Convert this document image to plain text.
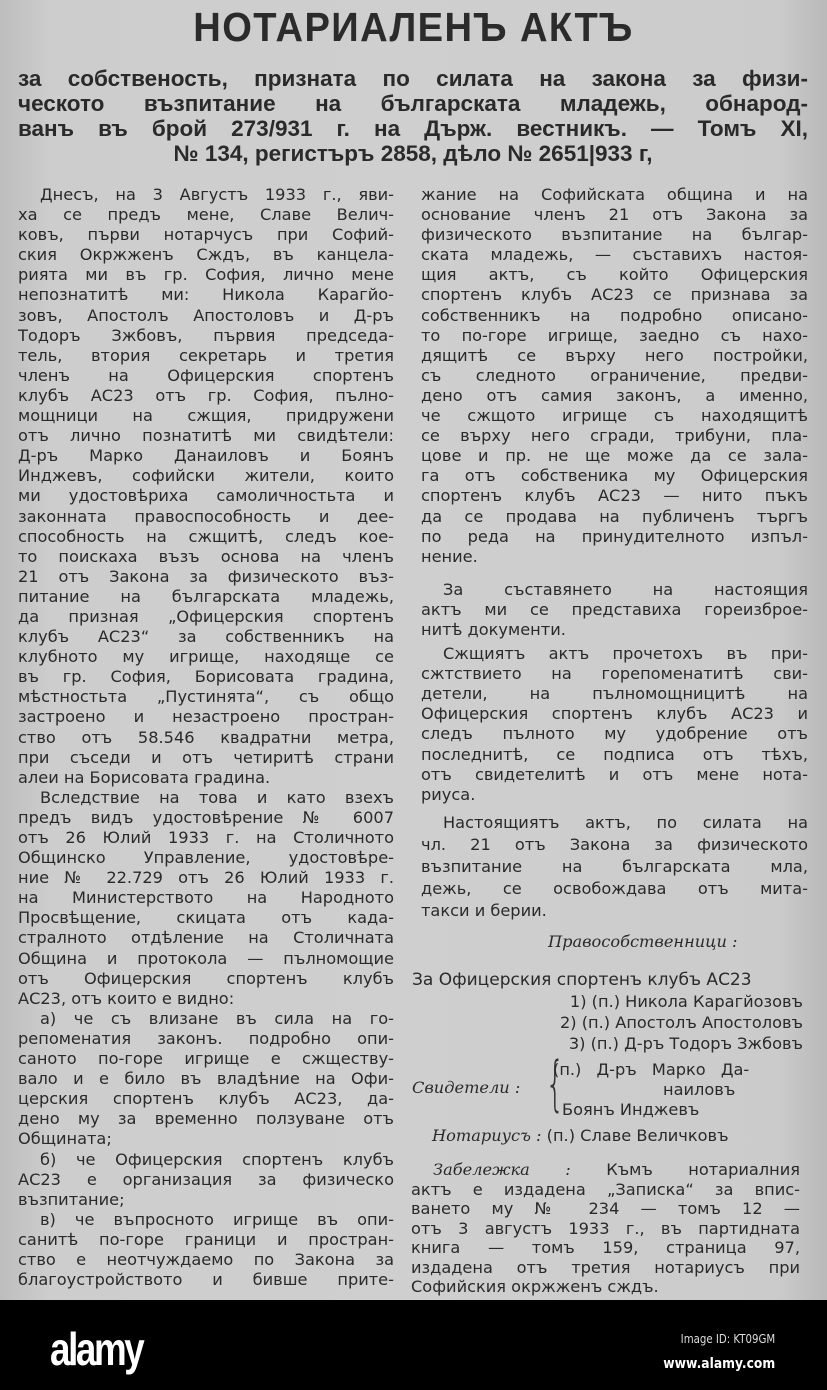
НОТАРИАЛЕНЪ АКТЪ
за собственость, призната по силата на закона за физи-
ческото възпитание на българската младежь, обнарод-
ванъ въ брой 273/931 г. на Държ. вестникъ. — Томъ XI,
№ 134, регистъръ 2858, дѣло № 2651|933 г,
Днесъ, на 3 Августъ 1933 г., яви-
ха се предъ мене, Славе Велич-
ковъ, първи нотарчусъ при Софий-
ския Окржженъ Сждъ, въ канцела-
рията ми въ гр. София, лично мене
непознатитѣ ми: Никола Карагйо-
зовъ, Апостолъ Апостоловъ и Д-ръ
Тодоръ Зжбовъ, първия председа-
тель, втория секретарь и третия
членъ на Офицерския спортенъ
клубъ АС23 отъ гр. София, пълно-
мощници на сжщия, придружени
отъ лично познатитѣ ми свидѣтели:
Д-ръ Марко Данаиловъ и Боянъ
Инджевъ, софийски жители, които
ми удостовѣриха самоличностьта и
законната правоспособность и дее-
способность на сжщитѣ, следъ кое-
то поискаха възъ основа на членъ
21 отъ Закона за физическото въз-
питание на българската младежь,
да призная „Офицерския спортенъ
клубъ АС23“ за собственникъ на
клубното му игрище, находяще се
въ гр. София, Борисовата градина,
мѣстностьта „Пустинята“, съ общо
застроено и незастроено простран-
ство отъ 58.546 квадратни метра,
при съседи и отъ четиритѣ страни
алеи на Борисовата градина.
Вследствие на това и като взехъ
предъ видъ удостовѣрение № 6007
отъ 26 Юлий 1933 г. на Столичното
Общинско Управление, удостовѣре-
ние № 22.729 отъ 26 Юлий 1933 г.
на Министерството на Народното
Просвѣщение, скицата отъ када-
стралното отдѣление на Столичната
Община и протокола — пълномощие
отъ Офицерския спортенъ клубъ
АС23, отъ които е видно:
а) че съ влизане въ сила на го-
репоменатия законъ. подробно опи-
саното по-горе игрище е сжществу-
вало и е било въ владѣние на Офи-
церския спортенъ клубъ АС23, да-
дено му за временно ползуване отъ
Общината;
б) че Офицерския спортенъ клубъ
АС23 е организация за физическо
възпитание;
в) че въпросното игрище въ опи-
санитѣ по-горе граници и простран-
ство е неотчуждаемо по Закона за
благоустройството и бивше прите-
жание на Софийската община и на
основание членъ 21 отъ Закона за
физическото възпитание на българ-
ската младежь, — съставихъ настоя-
щия актъ, съ който Офицерския
спортенъ клубъ АС23 се признава за
собственникъ на подробно описано-
то по-горе игрище, заедно съ нахо-
дящитѣ се върху него постройки,
съ следното ограничение, предви-
дено отъ самия законъ, а именно,
че сжщото игрище съ находящитѣ
се върху него сгради, трибуни, пла-
цове и пр. не ще може да се зала-
га отъ собственика му Офицерския
спортенъ клубъ АС23 — нито пъкъ
да се продава на публиченъ търгъ
по реда на принудителното изпъл-
нение.
За съставянето на настоящия
актъ ми се представиха гореизброе-
нитѣ документи.
Сжщиятъ актъ прочетохъ въ при-
сжтствието на горепоменатитѣ сви-
детели, на пълномощницитѣ на
Офицерския спортенъ клубъ АС23 и
следъ пълното му удобрение отъ
последнитѣ, се подписа отъ тѣхъ,
отъ свидетелитѣ и отъ мене нота-
риуса.
Настоящиятъ актъ, по силата на
чл. 21 отъ Закона за физическото
възпитание на българската мла,
дежь, се освобождава отъ мита-
такси и берии.
Правособственници :
За Офицерския спортенъ клубъ АС23
1) (п.) Никола Карагйозовъ
2) (п.) Апостолъ Апостоловъ
3) (п.) Д-ръ Тодоръ Зжбовъ
Свидетели : {
(п.) Д-ръ Марко Да-
наиловъ
Боянъ Инджевъ
Нотариусъ : (п.) Славе Величковъ
Забележка : Къмъ нотариалния
актъ е издадена „Записка“ за впис-
ването му № 234 — томъ 12 —
отъ 3 августъ 1933 г., въ партидната
книга — томъ 159, страница 97,
издадена отъ третия нотариусъ при
Софийския окржженъ сждъ.
alamy	Image ID: KT09GM
www.alamy.com
